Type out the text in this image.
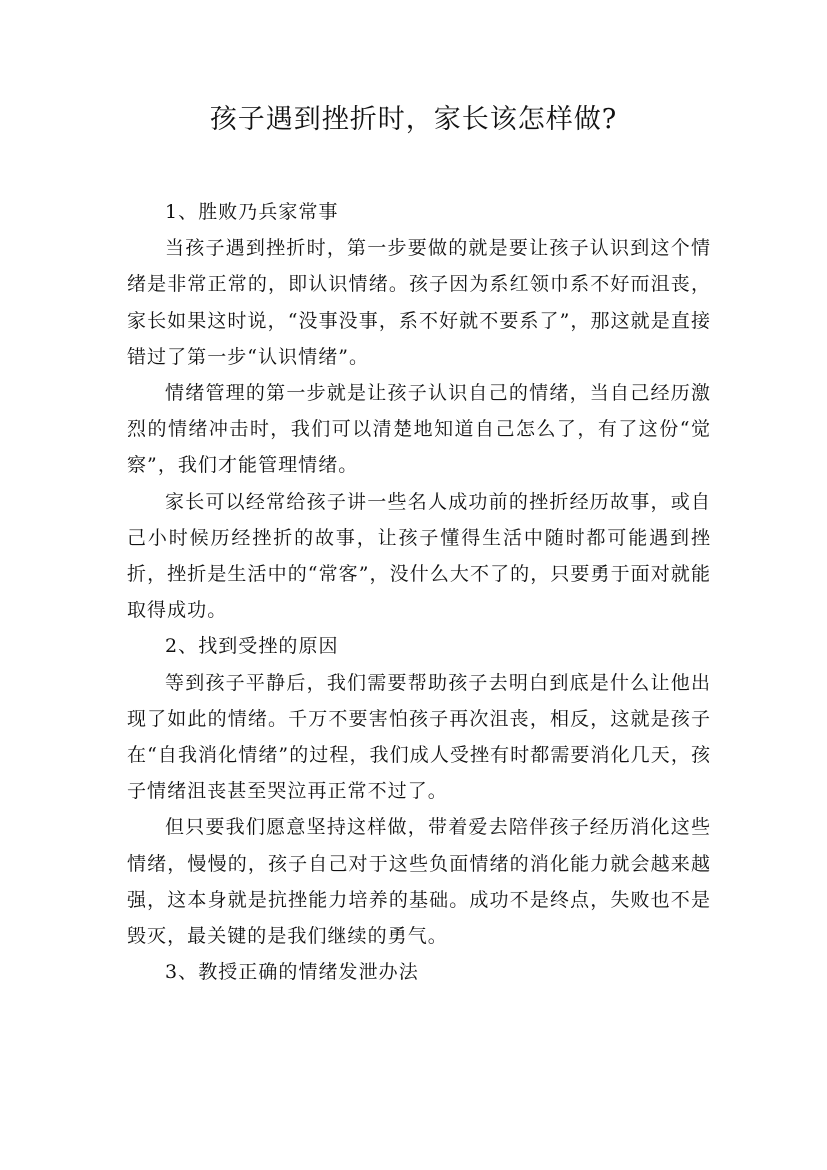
孩子遇到挫折时，家长该怎样做?

1、胜败乃兵家常事

当孩子遇到挫折时，第一步要做的就是要让孩子认识到这个情绪是非常正常的，即认识情绪。孩子因为系红领巾系不好而沮丧，家长如果这时说，“没事没事，系不好就不要系了”，那这就是直接错过了第一步“认识情绪”。

情绪管理的第一步就是让孩子认识自己的情绪，当自己经历激烈的情绪冲击时，我们可以清楚地知道自己怎么了，有了这份“觉察”，我们才能管理情绪。

家长可以经常给孩子讲一些名人成功前的挫折经历故事，或自己小时候历经挫折的故事，让孩子懂得生活中随时都可能遇到挫折，挫折是生活中的“常客”，没什么大不了的，只要勇于面对就能取得成功。

2、找到受挫的原因

等到孩子平静后，我们需要帮助孩子去明白到底是什么让他出现了如此的情绪。千万不要害怕孩子再次沮丧，相反，这就是孩子在“自我消化情绪”的过程，我们成人受挫有时都需要消化几天，孩子情绪沮丧甚至哭泣再正常不过了。

但只要我们愿意坚持这样做，带着爱去陪伴孩子经历消化这些情绪，慢慢的，孩子自己对于这些负面情绪的消化能力就会越来越强，这本身就是抗挫能力培养的基础。成功不是终点，失败也不是毁灭，最关键的是我们继续的勇气。

3、教授正确的情绪发泄办法
